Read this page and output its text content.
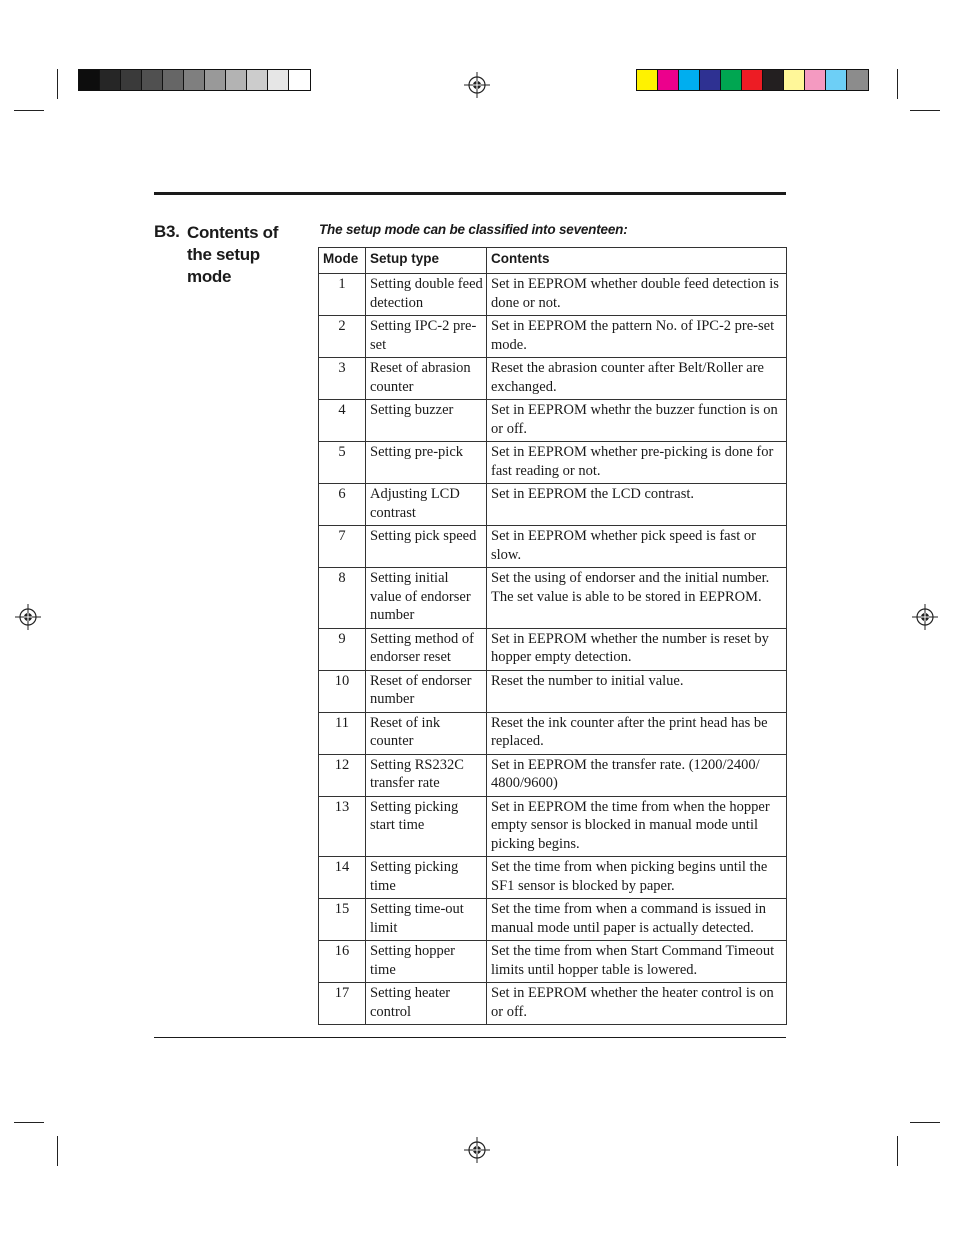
B3. Contents of the setup mode
The setup mode can be classified into seventeen:
Mode	Setup type	Contents
1	Setting double feed detection	Set in EEPROM whether double feed detection is done or not.
2	Setting IPC-2 pre-set	Set in EEPROM the pattern No. of IPC-2 pre-set mode.
3	Reset of abrasion counter	Reset the abrasion counter after Belt/Roller are exchanged.
4	Setting buzzer	Set in EEPROM whethr the buzzer function is on or off.
5	Setting pre-pick	Set in EEPROM whether pre-picking is done for fast reading or not.
6	Adjusting LCD contrast	Set in EEPROM the LCD contrast.
7	Setting pick speed	Set in EEPROM whether pick speed is fast or slow.
8	Setting initial value of endorser number	Set the using of endorser and the initial number. The set value is able to be stored in EEPROM.
9	Setting method of endorser reset	Set in EEPROM whether the number is reset by hopper empty detection.
10	Reset of endorser number	Reset the number to initial value.
11	Reset of ink counter	Reset the ink counter after the print head has be replaced.
12	Setting RS232C transfer rate	Set in EEPROM the transfer rate. (1200/2400/ 4800/9600)
13	Setting picking start time	Set in EEPROM the time from when the hopper empty sensor is blocked in manual mode until picking begins.
14	Setting picking time	Set the time from when picking begins until the SF1 sensor is blocked by paper.
15	Setting time-out limit	Set the time from when a command is issued in manual mode until paper is actually detected.
16	Setting hopper time	Set the time from when Start Command Timeout limits until hopper table is lowered.
17	Setting heater control	Set in EEPROM whether the heater control is on or off.
